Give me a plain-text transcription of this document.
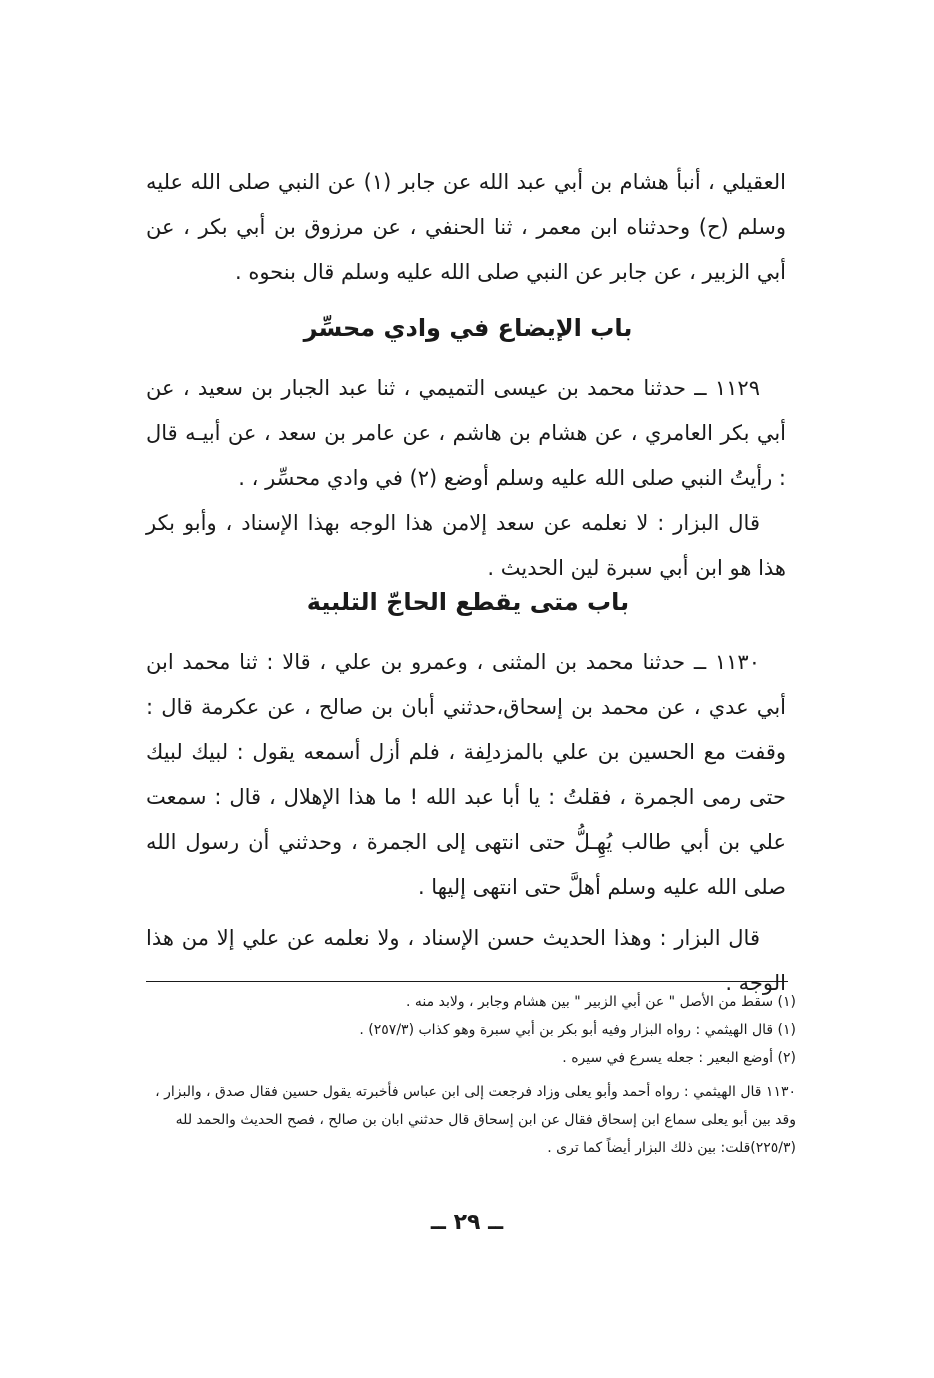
العقيلي ، أنبأ هشام بن أبي عبد الله عن جابر (١) عن النبي صلى الله عليه وسلم (ح) وحدثناه ابن معمر ، ثنا الحنفي ، عن مرزوق بن أبي بكر ، عن أبي الزبير ، عن جابر عن النبي صلى الله عليه وسلم قال بنحوه .

باب الإيضاع في وادي محسِّر

١١٢٩ ــ حدثنا محمد بن عيسى التميمي ، ثنا عبد الجبار بن سعيد ، عن أبي بكر العامري ، عن هشام بن هاشم ، عن عامر بن سعد ، عن أبيـه قال : رأيتُ النبي صلى الله عليه وسلم أوضع (٢) في وادي محسِّر ، .

قال البزار : لا نعلمه عن سعد إلامن هذا الوجه بهذا الإسناد ، وأبو بكر هذا هو ابن أبي سبرة لين الحديث .

باب متى يقطع الحاجّ التلبية

١١٣٠ ــ حدثنا محمد بن المثنى ، وعمرو بن علي ، قالا : ثنا محمد ابن أبي عدي ، عن محمد بن إسحاق،حدثني أبان بن صالح ، عن عكرمة قال : وقفت مع الحسين بن علي بالمزدلِفة ، فلم أزل أسمعه يقول : لبيك لبيك حتى رمى الجمرة ، فقلتُ : يا أبا عبد الله ! ما هذا الإهلال ، قال : سمعت علي بن أبي طالب يُهِـلُّ حتى انتهى إلى الجمرة ، وحدثني أن رسول الله صلى الله عليه وسلم أهلَّ حتى انتهى إليها .

قال البزار : وهذا الحديث حسن الإسناد ، ولا نعلمه عن علي إلا من هذا الوجه .

(١) سقط من الأصل " عن أبي الزبير " بين هشام وجابر ، ولابد منه .

(١) قال الهيثمي : رواه البزار وفيه أبو بكر بن أبي سبرة وهو كذاب (٢٥٧/٣) .

(٢) أوضع البعير : جعله يسرع في سيره .

١١٣٠ قال الهيثمي : رواه أحمد وأبو يعلى وزاد فرجعت إلى ابن عباس فأخبرته يقول حسين فقال صدق ، والبزار ، وقد بين أبو يعلى سماع ابن إسحاق فقال عن ابن إسحاق قال حدثني ابان بن صالح ، فصح الحديث والحمد لله (٢٢٥/٣)قلت: بين ذلك البزار أيضاً كما ترى .

ــ ٢٩ ــ
